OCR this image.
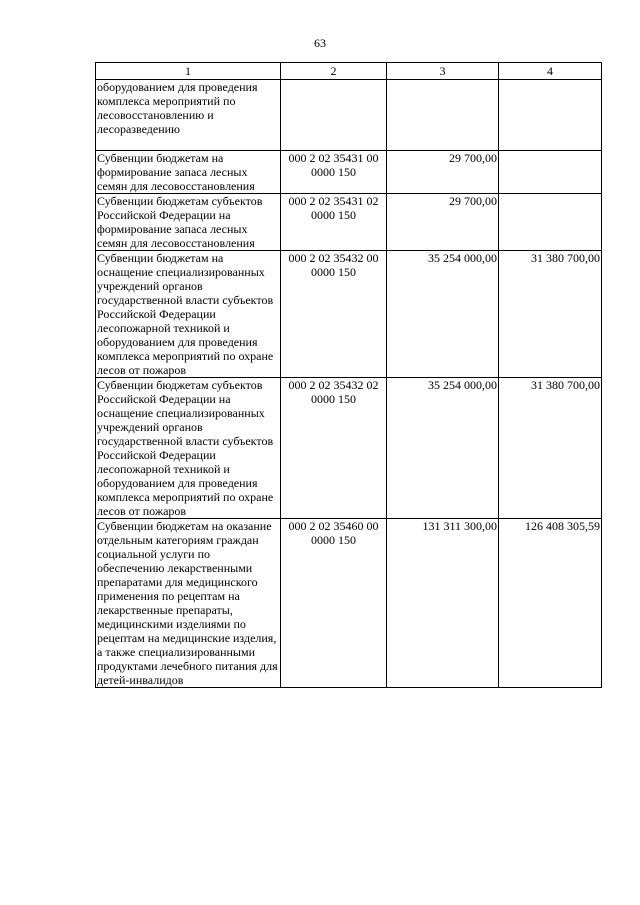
63
1	2	3	4
оборудованием для проведения комплекса мероприятий по лесовосстановлению и лесоразведению			
Субвенции бюджетам на формирование запаса лесных семян для лесовосстановления	000 2 02 35431 00 0000 150	29 700,00	
Субвенции бюджетам субъектов Российской Федерации на формирование запаса лесных семян для лесовосстановления	000 2 02 35431 02 0000 150	29 700,00	
Субвенции бюджетам на оснащение специализированных учреждений органов государственной власти субъектов Российской Федерации лесопожарной техникой и оборудованием для проведения комплекса мероприятий по охране лесов от пожаров	000 2 02 35432 00 0000 150	35 254 000,00	31 380 700,00
Субвенции бюджетам субъектов Российской Федерации на оснащение специализированных учреждений органов государственной власти субъектов Российской Федерации лесопожарной техникой и оборудованием для проведения комплекса мероприятий по охране лесов от пожаров	000 2 02 35432 02 0000 150	35 254 000,00	31 380 700,00
Субвенции бюджетам на оказание отдельным категориям граждан социальной услуги по обеспечению лекарственными препаратами для медицинского применения по рецептам на лекарственные препараты, медицинскими изделиями по рецептам на медицинские изделия, а также специализированными продуктами лечебного питания для детей-инвалидов	000 2 02 35460 00 0000 150	131 311 300,00	126 408 305,59
